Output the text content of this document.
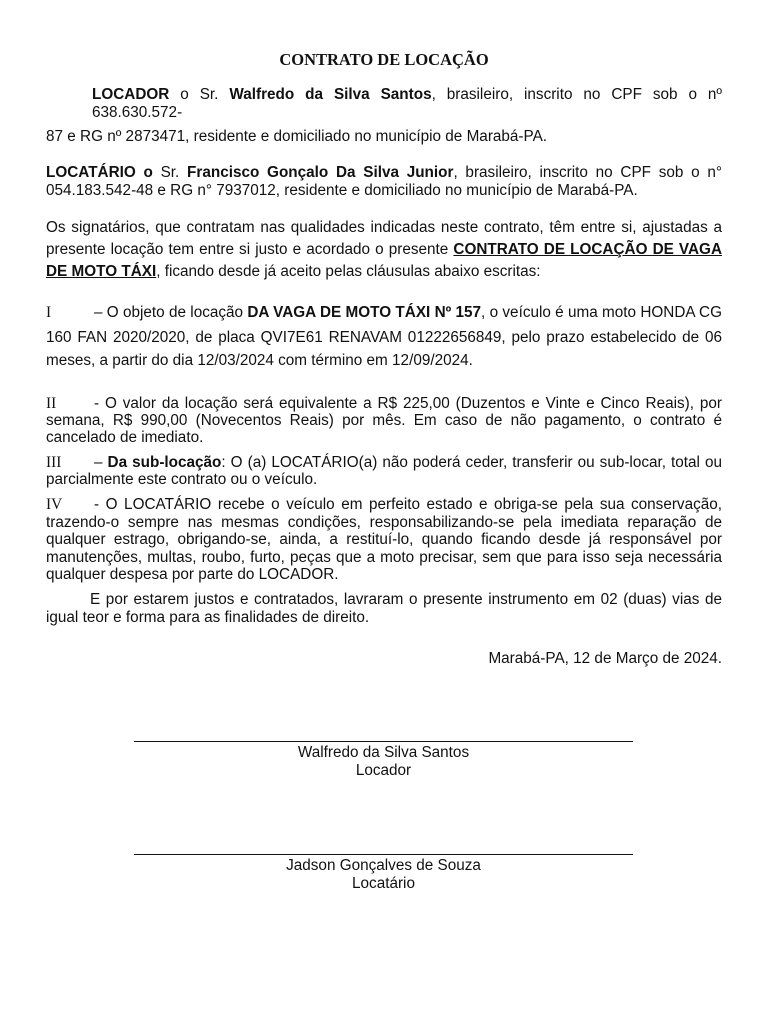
CONTRATO DE LOCAÇÃO

LOCADOR o Sr. Walfredo da Silva Santos, brasileiro, inscrito no CPF sob o nº

638.630.572-

87 e RG nº 2873471, residente e domiciliado no município de Marabá-PA.

LOCATÁRIO o Sr. Francisco Gonçalo Da Silva Junior, brasileiro, inscrito no CPF sob o n°

054.183.542-48 e RG n° 7937012, residente e domiciliado no município de Marabá-PA.

Os signatários, que contratam nas qualidades indicadas neste contrato, têm entre si, ajustadas a

presente locação tem entre si justo e acordado o presente CONTRATO DE LOCAÇÃO DE VAGA

DE MOTO TÁXI, ficando desde já aceito pelas cláusulas abaixo escritas:

I	– O objeto de locação DA VAGA DE MOTO TÁXI Nº 157, o veículo é uma moto HONDA CG

160 FAN 2020/2020, de placa QVI7E61 RENAVAM 01222656849, pelo prazo estabelecido de 06

meses, a partir do dia 12/03/2024 com término em 12/09/2024.

II - O valor da locação será equivalente a R$ 225,00 (Duzentos e Vinte e Cinco Reais), por

semana, R$ 990,00 (Novecentos Reais) por mês. Em caso de não pagamento, o contrato é

cancelado de imediato.

III – Da sub-locação: O (a) LOCATÁRIO(a) não poderá ceder, transferir ou sub-locar, total ou

parcialmente este contrato ou o veículo.

IV - O LOCATÁRIO recebe o veículo em perfeito estado e obriga-se pela sua conservação,

trazendo-o sempre nas mesmas condições, responsabilizando-se pela imediata reparação de

qualquer estrago, obrigando-se, ainda, a restituí-lo, quando ficando desde já responsável por

manutenções, multas, roubo, furto, peças que a moto precisar, sem que para isso seja necessária

qualquer despesa por parte do LOCADOR.

E por estarem justos e contratados, lavraram o presente instrumento em 02 (duas) vias de

igual teor e forma para as finalidades de direito.

Marabá-PA, 12 de Março de 2024.

Walfredo da Silva Santos
Locador
Jadson Gonçalves de Souza
Locatário
